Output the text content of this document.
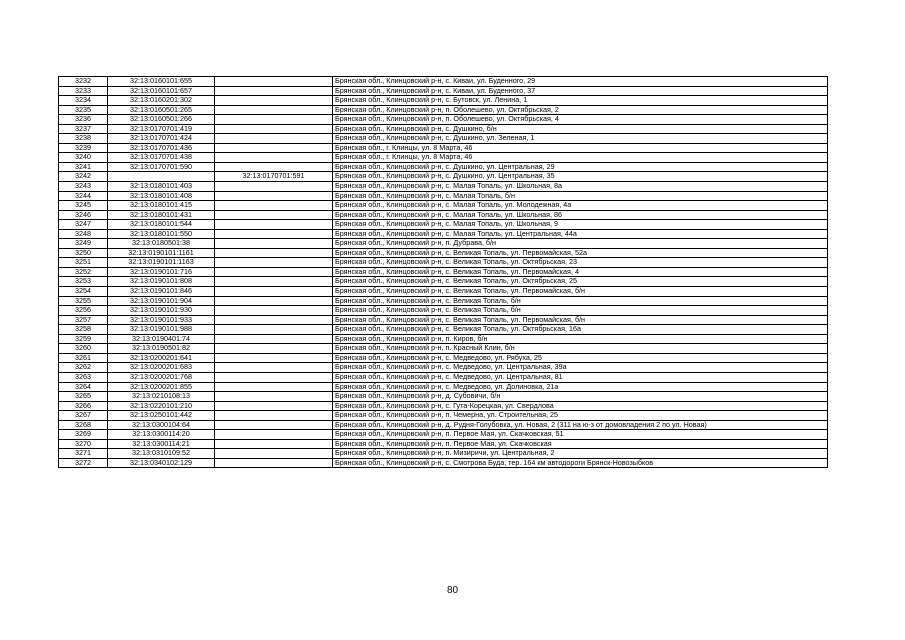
3232	32:13:0160101:655		Брянская обл., Клинцовский р-н, с. Киваи, ул. Буденного, 29
3233	32:13:0160101:657		Брянская обл., Клинцовский р-н, с. Киваи, ул. Буденного, 37
3234	32:13:0160201:302		Брянская обл., Клинцовский р-н, с. Бутовск, ул. Ленина, 1
3235	32:13:0160501:265		Брянская обл., Клинцовский р-н, п. Оболешево, ул. Октябрьская, 2
3236	32:13:0160501:266		Брянская обл., Клинцовский р-н, п. Оболешево, ул. Октябрьская, 4
3237	32:13:0170701:419		Брянская обл., Клинцовский р-н, с. Душкино, б/н
3238	32:13:0170701:424		Брянская обл., Клинцовский р-н, с. Душкино, ул. Зеленая, 1
3239	32:13:0170701:436		Брянская обл., г. Клинцы, ул. 8 Марта, 46
3240	32:13:0170701:438		Брянская обл., г. Клинцы, ул. 8 Марта, 46
3241	32:13:0170701:590		Брянская обл., Клинцовский р-н, с. Душкино, ул. Центральная, 29
3242		32:13:0170701:591	Брянская обл., Клинцовский р-н, с. Душкино, ул. Центральная, 35
3243	32:13:0180101:403		Брянская обл., Клинцовский р-н, с. Малая Топаль, ул. Школьная, 8а
3244	32:13:0180101:408		Брянская обл., Клинцовский р-н, с. Малая Топаль, б/н
3245	32:13:0180101:415		Брянская обл., Клинцовский р-н, с. Малая Топаль, ул. Молодежная, 4а
3246	32:13:0180101:431		Брянская обл., Клинцовский р-н, с. Малая Топаль, ул. Школьная, 86
3247	32:13:0180101:544		Брянская обл., Клинцовский р-н, с. Малая Топаль, ул. Школьная, 9
3248	32:13:0180101:550		Брянская обл., Клинцовский р-н, с. Малая Топаль, ул. Центральная, 44а
3249	32:13:0180501:38		Брянская обл., Клинцовский р-н, п. Дубрава, б/н
3250	32:13:0190101:1161		Брянская обл., Клинцовский р-н, с. Великая Топаль, ул. Первомайская, 52а
3251	32:13:0190101:1163		Брянская обл., Клинцовский р-н, с. Великая Топаль, ул. Октябрьская, 23
3252	32:13:0190101:716		Брянская обл., Клинцовский р-н, с. Великая Топаль, ул. Первомайская, 4
3253	32:13:0190101:808		Брянская обл., Клинцовский р-н, с. Великая Топаль, ул. Октябрьская, 25
3254	32:13:0190101:846		Брянская обл., Клинцовский р-н, с. Великая Топаль, ул. Первомайская, б/н
3255	32:13:0190101:904		Брянская обл., Клинцовский р-н, с. Великая Топаль, б/н
3256	32:13:0190101:930		Брянская обл., Клинцовский р-н, с. Великая Топаль, б/н
3257	32:13:0190101:933		Брянская обл., Клинцовский р-н, с. Великая Топаль, ул. Первомайская, б/н
3258	32:13:0190101:988		Брянская обл., Клинцовский р-н, с. Великая Топаль, ул. Октябрьская, 16а
3259	32:13:0190401:74		Брянская обл., Клинцовский р-н, п. Киров, б/н
3260	32:13:0190501:82		Брянская обл., Клинцовский р-н, п. Красный Клин, б/н
3261	32:13:0200201:641		Брянская обл., Клинцовский р-н, с. Медведово, ул. Рябуха, 25
3262	32:13:0200201:683		Брянская обл., Клинцовский р-н, с. Медведово, ул. Центральная, 39а
3263	32:13:0200201:768		Брянская обл., Клинцовский р-н, с. Медведово, ул. Центральная, 81
3264	32:13:0200201:855		Брянская обл., Клинцовский р-н, с. Медведово, ул. Долиновка, 21а
3265	32:13:0210108:13		Брянская обл., Клинцовский р-н, д. Субовичи, б/н
3266	32:13:0220101:210		Брянская обл., Клинцовский р-н, с. Гута-Корецкая, ул. Свердлова
3267	32:13:0250101:442		Брянская обл., Клинцовский р-н, п. Чемерна, ул. Строительная, 25
3268	32:13:0300104:64		Брянская обл., Клинцовский р-н, д. Рудня-Голубовка, ул. Новая, 2 (311 на ю-з от домовладения 2 по ул. Новая)
3269	32:13:0300114:20		Брянская обл., Клинцовский р-н, п. Первое Мая, ул. Скачковская, 51
3270	32:13:0300114:21		Брянская обл., Клинцовский р-н, п. Первое Мая, ул. Скачковская
3271	32:13:0310109:52		Брянская обл., Клинцовский р-н, п. Мизиричи, ул. Центральная, 2
3272	32:13:0340102:129		Брянская обл., Клинцовский р-н, с. Смотрова Буда, тер. 164 км автодороги Брянск-Новозыбков
80
